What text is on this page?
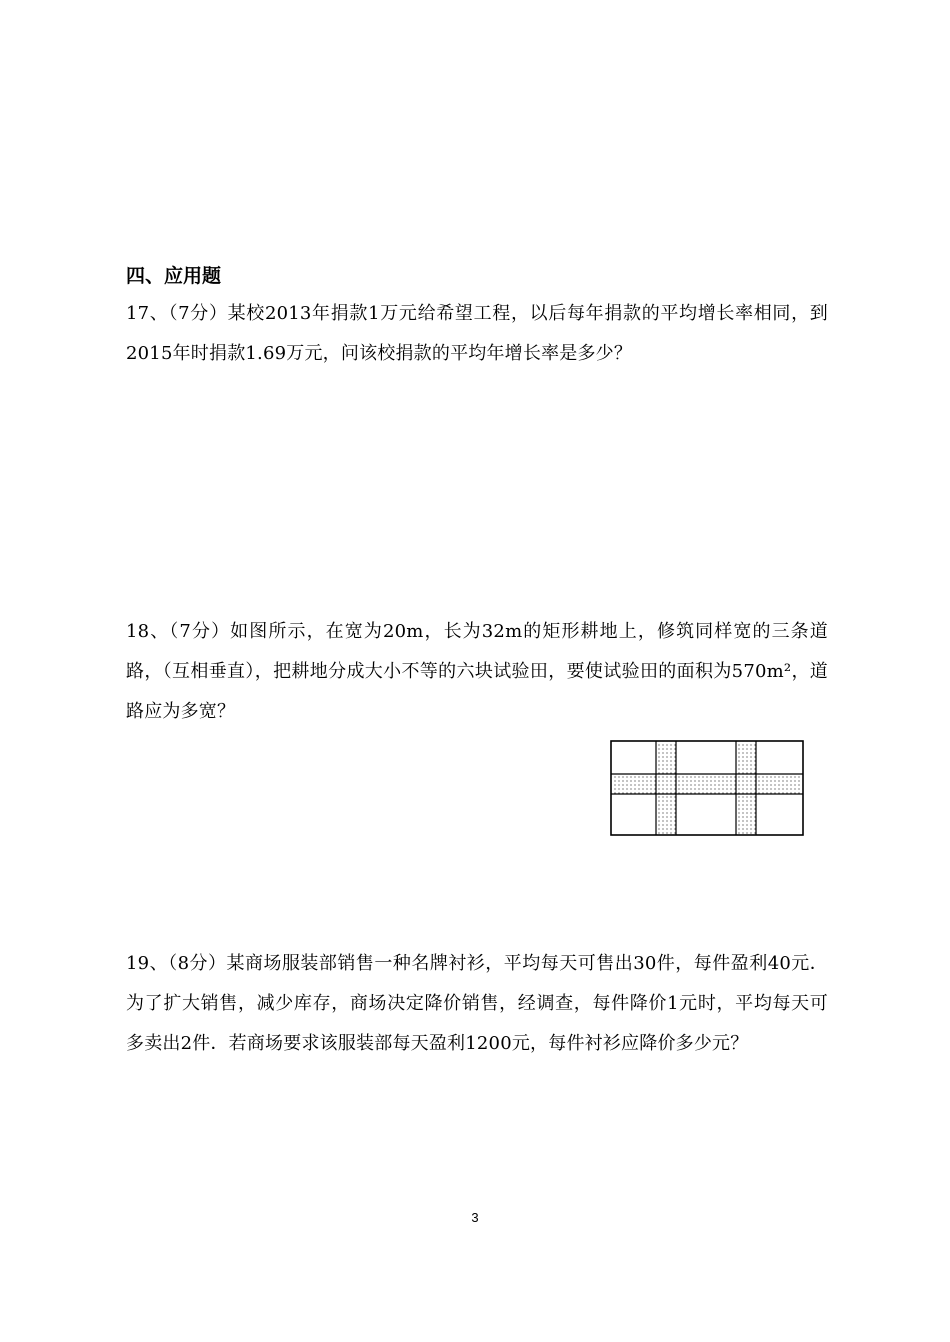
四、应用题
17、（7分）某校2013年捐款1万元给希望工程，以后每年捐款的平均增长率相同，到2015年时捐款1.69万元，问该校捐款的平均年增长率是多少？
18、（7分）如图所示，在宽为20m，长为32m的矩形耕地上，修筑同样宽的三条道路，（互相垂直），把耕地分成大小不等的六块试验田，要使试验田的面积为570m²，道路应为多宽？
19、（8分）某商场服装部销售一种名牌衬衫，平均每天可售出30件，每件盈利40元．为了扩大销售，减少库存，商场决定降价销售，经调查，每件降价1元时，平均每天可多卖出2件．若商场要求该服装部每天盈利1200元，每件衬衫应降价多少元？
3
